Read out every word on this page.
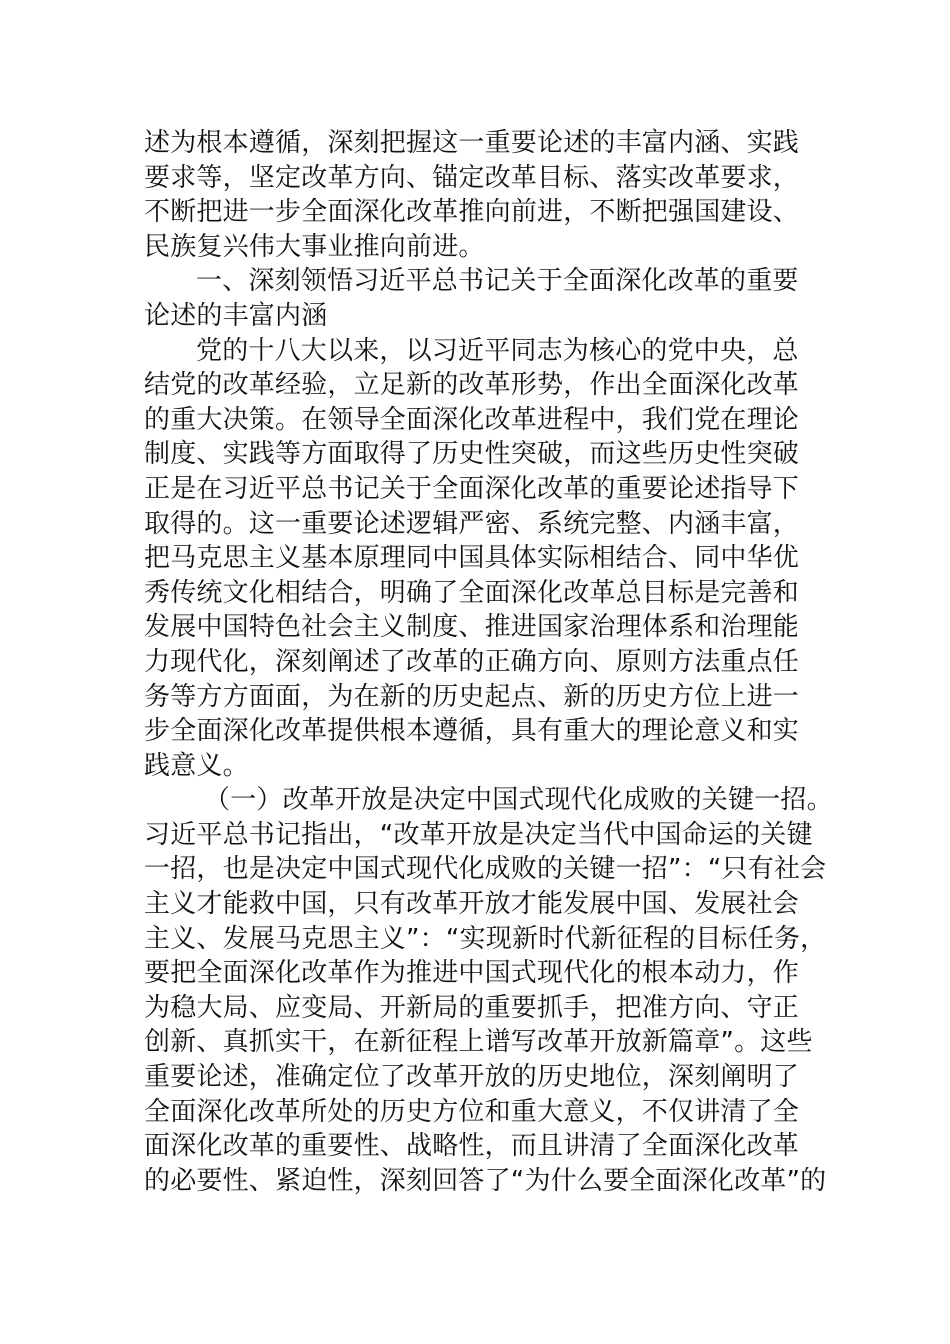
述为根本遵循，深刻把握这一重要论述的丰富内涵、实践
要求等，坚定改革方向、锚定改革目标、落实改革要求，
不断把进一步全面深化改革推向前进，不断把强国建设、
民族复兴伟大事业推向前进。
一、深刻领悟习近平总书记关于全面深化改革的重要
论述的丰富内涵
党的十八大以来，以习近平同志为核心的党中央，总
结党的改革经验，立足新的改革形势，作出全面深化改革
的重大决策。在领导全面深化改革进程中，我们党在理论
制度、实践等方面取得了历史性突破，而这些历史性突破
正是在习近平总书记关于全面深化改革的重要论述指导下
取得的。这一重要论述逻辑严密、系统完整、内涵丰富，
把马克思主义基本原理同中国具体实际相结合、同中华优
秀传统文化相结合，明确了全面深化改革总目标是完善和
发展中国特色社会主义制度、推进国家治理体系和治理能
力现代化，深刻阐述了改革的正确方向、原则方法重点任
务等方方面面，为在新的历史起点、新的历史方位上进一
步全面深化改革提供根本遵循，具有重大的理论意义和实
践意义。
（一）改革开放是决定中国式现代化成败的关键一招。
习近平总书记指出，“改革开放是决定当代中国命运的关键
一招，也是决定中国式现代化成败的关键一招”：“只有社会
主义才能救中国，只有改革开放才能发展中国、发展社会
主义、发展马克思主义”：“实现新时代新征程的目标任务，
要把全面深化改革作为推进中国式现代化的根本动力，作
为稳大局、应变局、开新局的重要抓手，把准方向、守正
创新、真抓实干，在新征程上谱写改革开放新篇章”。这些
重要论述，准确定位了改革开放的历史地位，深刻阐明了
全面深化改革所处的历史方位和重大意义，不仅讲清了全
面深化改革的重要性、战略性，而且讲清了全面深化改革
的必要性、紧迫性，深刻回答了“为什么要全面深化改革”的
